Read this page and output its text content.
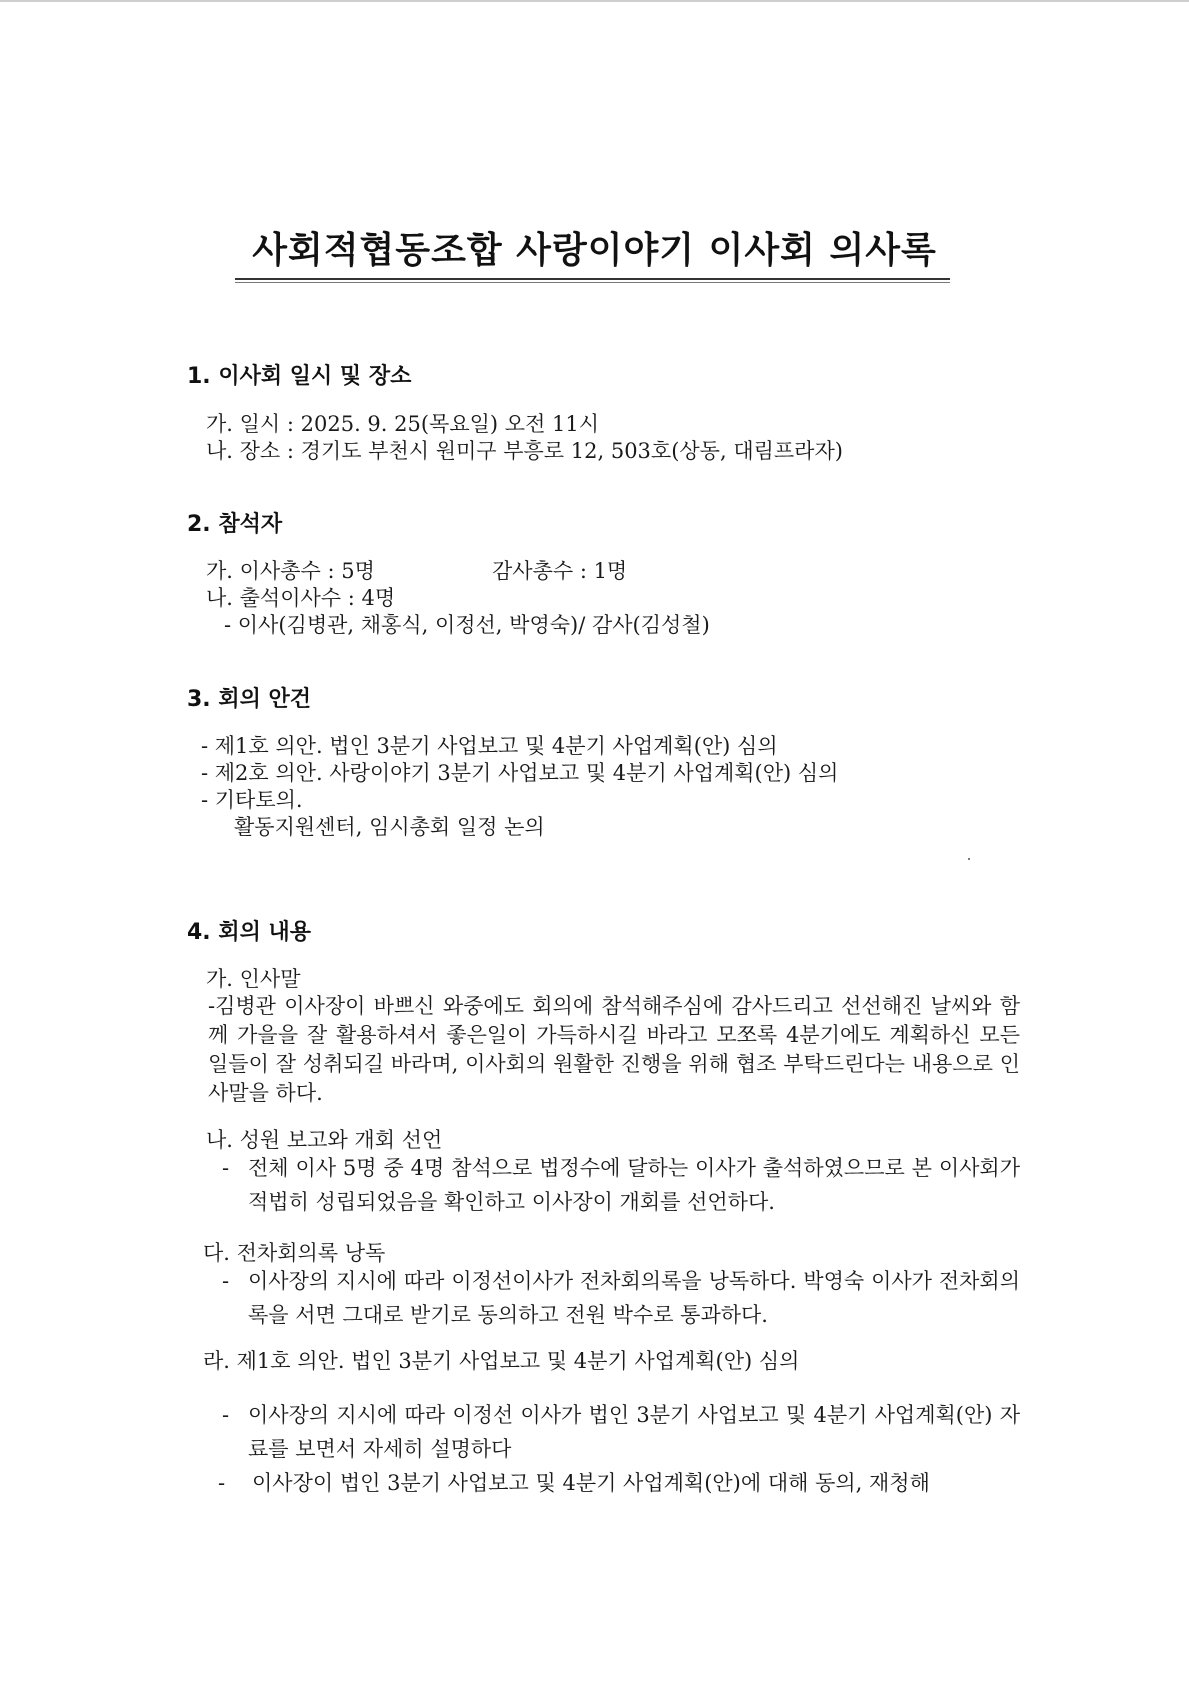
사회적협동조합 사랑이야기 이사회 의사록
1. 이사회 일시 및 장소
가. 일시 : 2025. 9. 25(목요일) 오전 11시
나. 장소 : 경기도 부천시 원미구 부흥로 12, 503호(상동, 대림프라자)
2. 참석자
가. 이사총수 : 5명	감사총수 : 1명
나. 출석이사수 : 4명
- 이사(김병관, 채홍식, 이정선, 박영숙)/ 감사(김성철)
3. 회의 안건
- 제1호 의안. 법인 3분기 사업보고 및 4분기 사업계획(안) 심의
- 제2호 의안. 사랑이야기 3분기 사업보고 및 4분기 사업계획(안) 심의
- 기타토의.
활동지원센터, 임시총회 일정 논의
4. 회의 내용
가. 인사말
-김병관 이사장이 바쁘신 와중에도 회의에 참석해주심에 감사드리고 선선해진 날씨와 함께 가을을 잘 활용하셔서 좋은일이 가득하시길 바라고 모쪼록 4분기에도 계획하신 모든 일들이 잘 성취되길 바라며, 이사회의 원활한 진행을 위해 협조 부탁드린다는 내용으로 인사말을 하다.
나. 성원 보고와 개회 선언
- 전체 이사 5명 중 4명 참석으로 법정수에 달하는 이사가 출석하였으므로 본 이사회가 적법히 성립되었음을 확인하고 이사장이 개회를 선언하다.
다. 전차회의록 낭독
- 이사장의 지시에 따라 이정선이사가 전차회의록을 낭독하다. 박영숙 이사가 전차회의록을 서면 그대로 받기로 동의하고 전원 박수로 통과하다.
라. 제1호 의안. 법인 3분기 사업보고 및 4분기 사업계획(안) 심의
- 이사장의 지시에 따라 이정선 이사가 법인 3분기 사업보고 및 4분기 사업계획(안) 자료를 보면서 자세히 설명하다
- 이사장이 법인 3분기 사업보고 및 4분기 사업계획(안)에 대해 동의, 재청해
